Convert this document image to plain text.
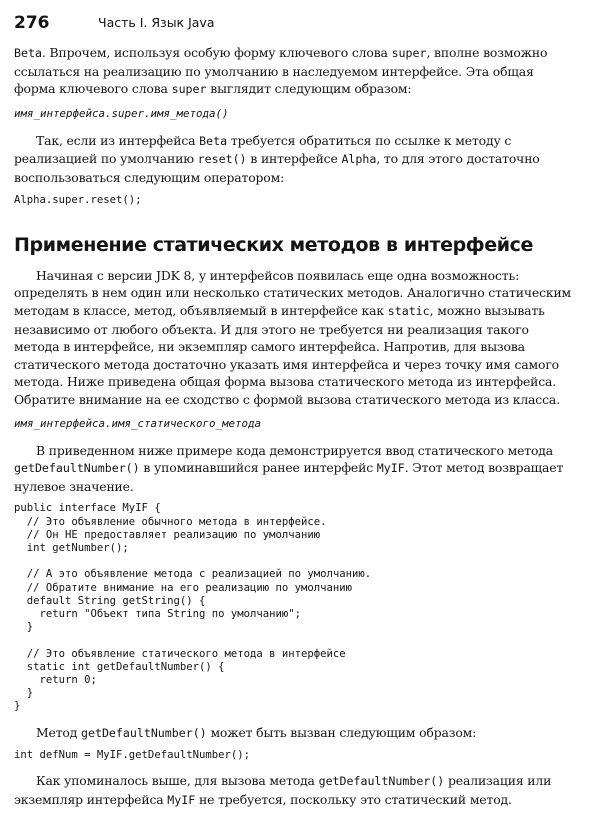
276	Часть I. Язык Java

Beta. Впрочем, используя особую форму ключевого слова super, вполне возможно ссылаться на реализацию по умолчанию в наследуемом интерфейсе. Эта общая форма ключевого слова super выглядит следующим образом:

имя_интерфейса.super.имя_метода()

Так, если из интерфейса Beta требуется обратиться по ссылке к методу с реализацией по умолчанию reset() в интерфейсе Alpha, то для этого достаточно воспользоваться следующим оператором:

Alpha.super.reset();
Применение статических методов в интерфейсе

Начиная с версии JDK 8, у интерфейсов появилась еще одна возможность: определять в нем один или несколько статических методов. Аналогично статическим методам в классе, метод, объявляемый в интерфейсе как static, можно вызывать независимо от любого объекта. И для этого не требуется ни реализация такого метода в интерфейсе, ни экземпляр самого интерфейса. Напротив, для вызова статического метода достаточно указать имя интерфейса и через точку имя самого метода. Ниже приведена общая форма вызова статического метода из интерфейса. Обратите внимание на ее сходство с формой вызова статического метода из класса.

имя_интерфейса.имя_статического_метода

В приведенном ниже примере кода демонстрируется ввод статического метода getDefaultNumber() в упоминавшийся ранее интерфейс MyIF. Этот метод возвращает нулевое значение.

public interface MyIF {
// Это объявление обычного метода в интерфейсе.
// Он НЕ предоставляет реализацию по умолчанию
int getNumber();

// А это объявление метода с реализацией по умолчанию.
// Обратите внимание на его реализацию по умолчанию
default String getString() {
return "Объект типа String по умолчанию";
}

// Это объявление статического метода в интерфейсе
static int getDefaultNumber() {
return 0;
}
}

Метод getDefaultNumber() может быть вызван следующим образом:

int defNum = MyIF.getDefaultNumber();

Как упоминалось выше, для вызова метода getDefaultNumber() реализация или экземпляр интерфейса MyIF не требуется, поскольку это статический метод.
